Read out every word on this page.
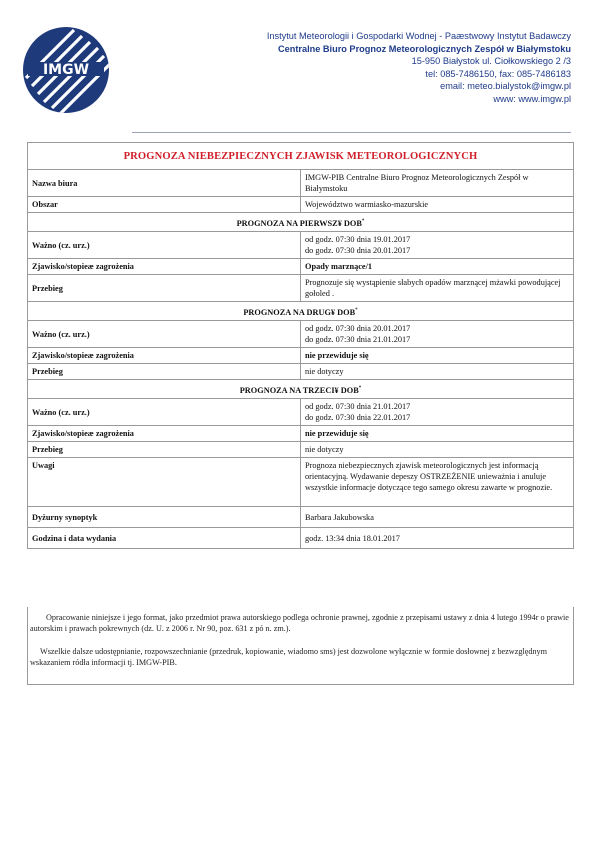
IMGW
Instytut Meteorologii i Gospodarki Wodnej - Paæstwowy Instytut Badawczy
Centralne Biuro Prognoz Meteorologicznych Zespół w Białymstoku
15-950 Białystok ul. Ciołkowskiego 2 /3
tel: 085-7486150, fax: 085-7486183
email: meteo.bialystok@imgw.pl
www: www.imgw.pl
PROGNOZA NIEBEZPIECZNYCH ZJAWISK METEOROLOGICZNYCH	
Nazwa biura	IMGW-PIB Centralne Biuro Prognoz Meteorologicznych Zespół w Białymstoku
Obszar	Województwo warmiasko-mazurskie
PROGNOZA NA PIERWSZ¥ DOB*
Ważno (cz. urz.)	od godz. 07:30 dnia 19.01.2017
do godz. 07:30 dnia 20.01.2017

Zjawisko/stopieæ zagrożenia	Opady marznące/1
Przebieg	Prognozuje się wystąpienie słabych opadów marznącej mżawki powodującej gołoled .
PROGNOZA NA DRUG¥ DOB*
Ważno (cz. urz.)	od godz. 07:30 dnia 20.01.2017
do godz. 07:30 dnia 21.01.2017

Zjawisko/stopieæ zagrożenia	nie przewiduje się
Przebieg	nie dotyczy
PROGNOZA NA TRZECI¥ DOB*
Ważno (cz. urz.)	od godz. 07:30 dnia 21.01.2017
do godz. 07:30 dnia 22.01.2017

Zjawisko/stopieæ zagrożenia	nie przewiduje się
Przebieg	nie dotyczy
Uwagi	Prognoza niebezpiecznych zjawisk meteorologicznych jest informacją orientacyjną. Wydawanie depeszy OSTRZEŻENIE unieważnia i anuluje wszystkie informacje dotyczące tego samego okresu zawarte w prognozie.
Dyżurny synoptyk	Barbara Jakubowska
Godzina i data wydania	godz. 13:34 dnia 18.01.2017
Opracowanie niniejsze i jego format, jako przedmiot prawa autorskiego podlega ochronie prawnej, zgodnie z przepisami ustawy z dnia 4 lutego 1994r o prawie autorskim i prawach pokrewnych (dz. U. z 2006 r. Nr 90, poz. 631 z pó n. zm.).
Wszelkie dalsze udostępnianie, rozpowszechnianie (przedruk, kopiowanie, wiadomo sms) jest dozwolone wyłącznie w formie dosłownej z bezwzględnym wskazaniem ródła informacji tj. IMGW-PIB.
